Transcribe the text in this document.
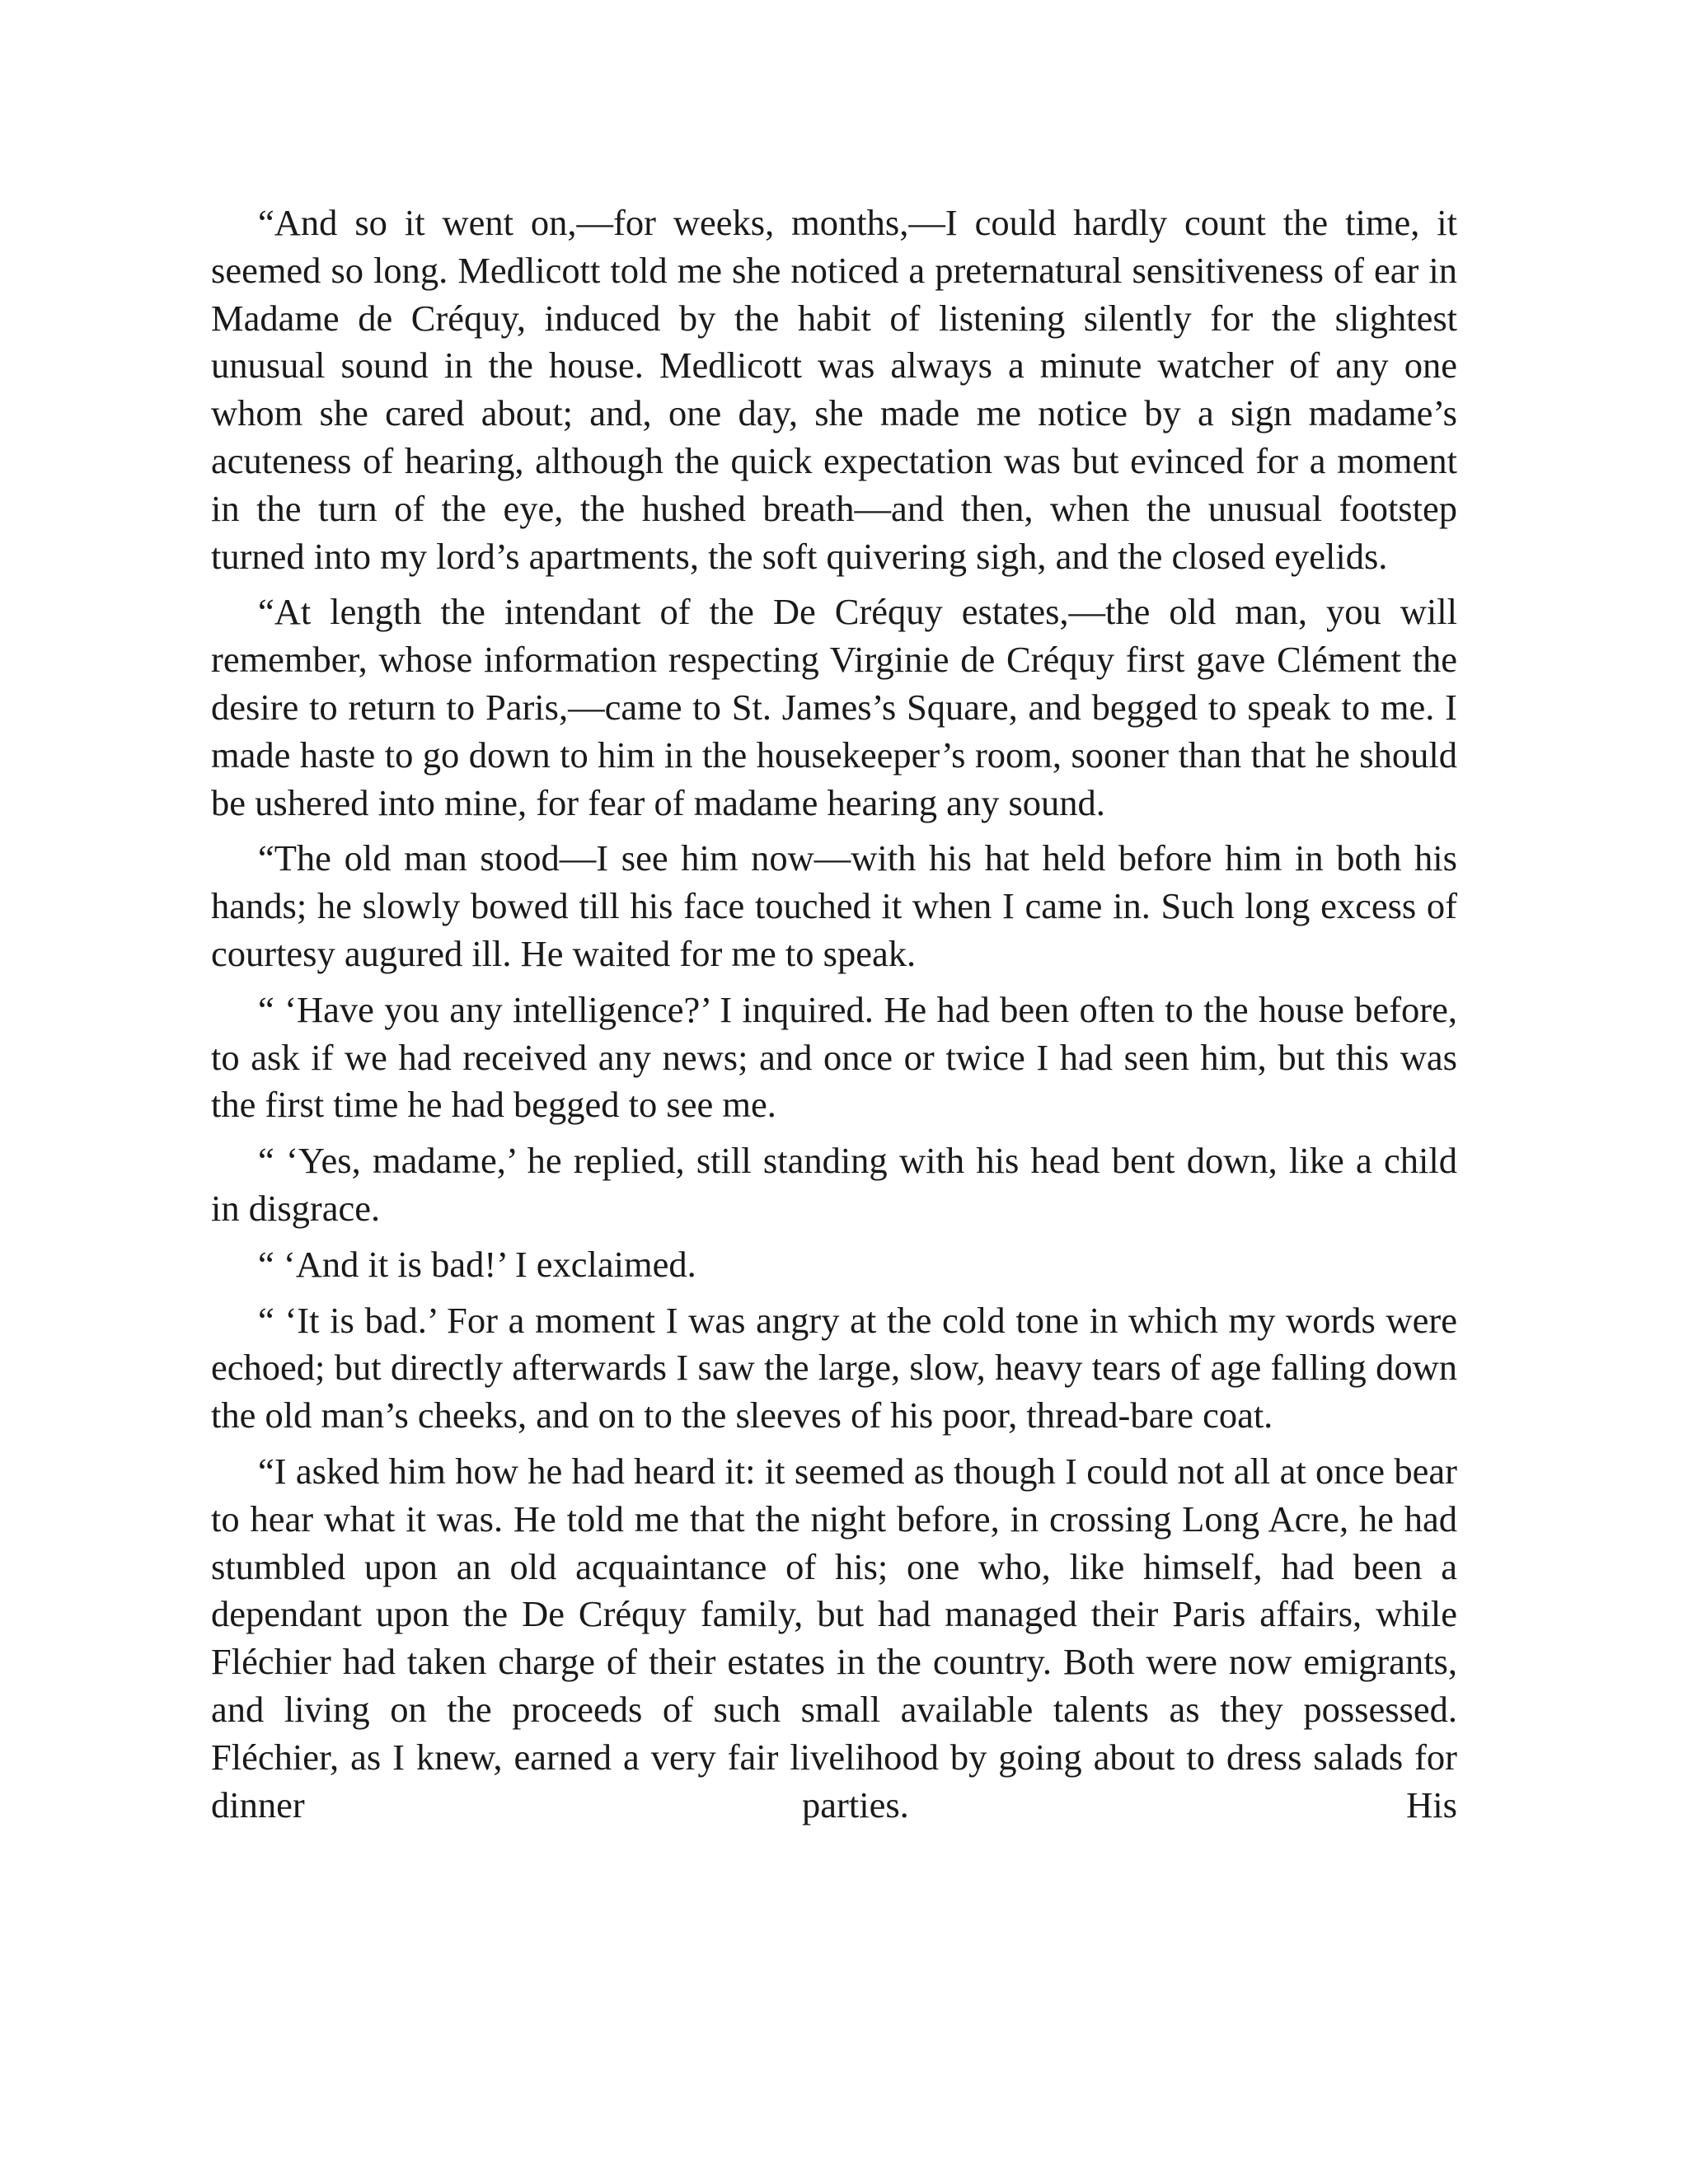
“And so it went on,—for weeks, months,—I could hardly count the time, it seemed so long. Medlicott told me she noticed a preternatural sensitiveness of ear in Madame de Créquy, induced by the habit of listening silently for the slightest unusual sound in the house. Medlicott was always a minute watcher of any one whom she cared about; and, one day, she made me notice by a sign madame’s acuteness of hearing, although the quick expectation was but evinced for a moment in the turn of the eye, the hushed breath—and then, when the unusual footstep turned into my lord’s apartments, the soft quivering sigh, and the closed eyelids.

“At length the intendant of the De Créquy estates,—the old man, you will remember, whose information respecting Virginie de Créquy first gave Clément the desire to return to Paris,—came to St. James’s Square, and begged to speak to me. I made haste to go down to him in the housekeeper’s room, sooner than that he should be ushered into mine, for fear of madame hearing any sound.

“The old man stood—I see him now—with his hat held before him in both his hands; he slowly bowed till his face touched it when I came in. Such long excess of courtesy augured ill. He waited for me to speak.

“ ‘Have you any intelligence?’ I inquired. He had been often to the house before, to ask if we had received any news; and once or twice I had seen him, but this was the first time he had begged to see me.

“ ‘Yes, madame,’ he replied, still standing with his head bent down, like a child in disgrace.

“ ‘And it is bad!’ I exclaimed.

“ ‘It is bad.’ For a moment I was angry at the cold tone in which my words were echoed; but directly afterwards I saw the large, slow, heavy tears of age falling down the old man’s cheeks, and on to the sleeves of his poor, thread-bare coat.

“I asked him how he had heard it: it seemed as though I could not all at once bear to hear what it was. He told me that the night before, in crossing Long Acre, he had stumbled upon an old acquaintance of his; one who, like himself, had been a dependant upon the De Créquy family, but had managed their Paris affairs, while Fléchier had taken charge of their estates in the country. Both were now emigrants, and living on the proceeds of such small available talents as they possessed. Fléchier, as I knew, earned a very fair livelihood by going about to dress salads for dinner parties. His
